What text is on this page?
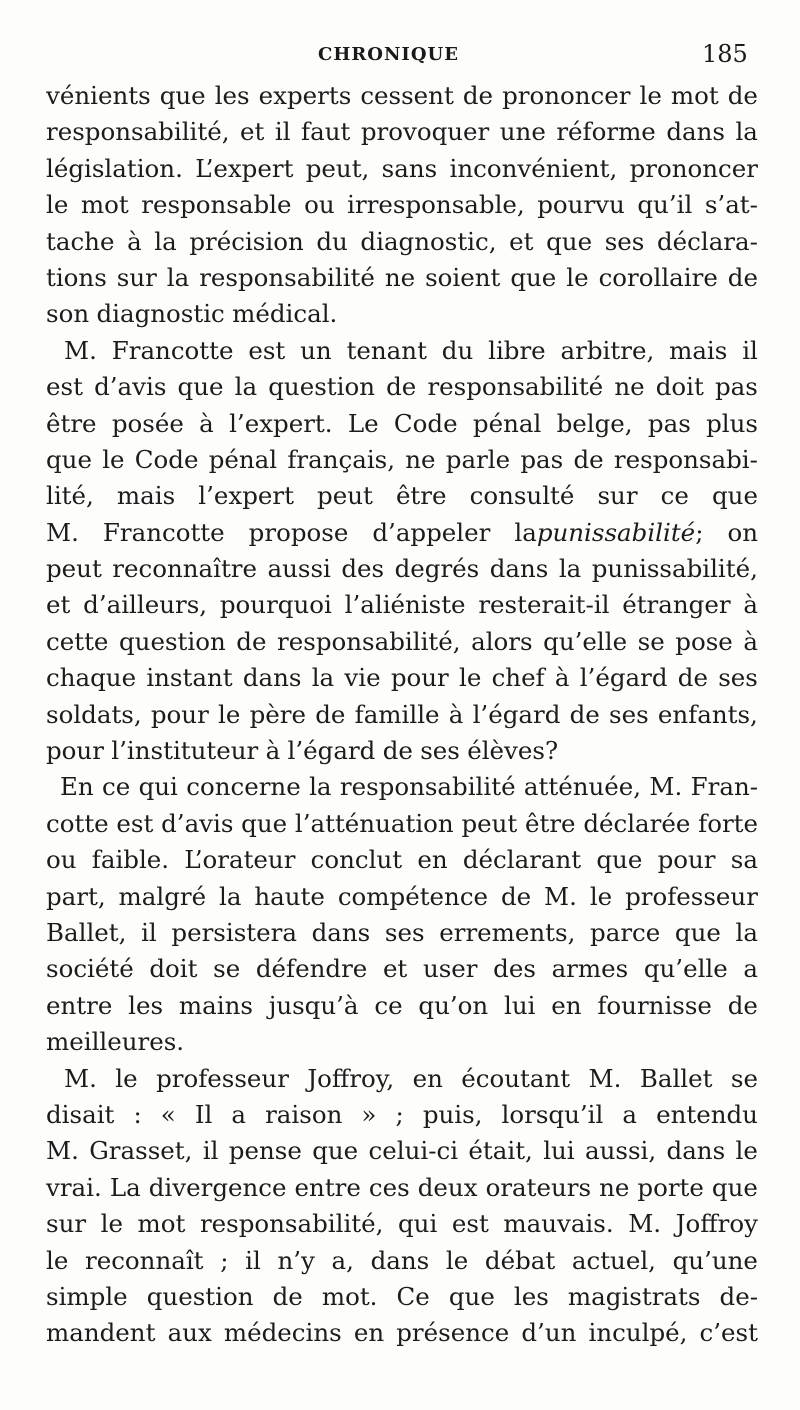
CHRONIQUE	185
vénients que les experts cessent de prononcer le mot de
responsabilité, et il faut provoquer une réforme dans la
législation. L’expert peut, sans inconvénient, prononcer
le mot responsable ou irresponsable, pourvu qu’il s’at-
tache à la précision du diagnostic, et que ses déclara-
tions sur la responsabilité ne soient que le corollaire de
son diagnostic médical.
M. Francotte est un tenant du libre arbitre, mais il
est d’avis que la question de responsabilité ne doit pas
être posée à l’expert. Le Code pénal belge, pas plus
que le Code pénal français, ne parle pas de responsabi-
lité, mais l’expert peut être consulté sur ce que
M. Francotte propose d’appeler lapunissabilité; on
peut reconnaître aussi des degrés dans la punissabilité,
et d’ailleurs, pourquoi l’aliéniste resterait-il étranger à
cette question de responsabilité, alors qu’elle se pose à
chaque instant dans la vie pour le chef à l’égard de ses
soldats, pour le père de famille à l’égard de ses enfants,
pour l’instituteur à l’égard de ses élèves?
En ce qui concerne la responsabilité atténuée, M. Fran-
cotte est d’avis que l’atténuation peut être déclarée forte
ou faible. L’orateur conclut en déclarant que pour sa
part, malgré la haute compétence de M. le professeur
Ballet, il persistera dans ses errements, parce que la
société doit se défendre et user des armes qu’elle a
entre les mains jusqu’à ce qu’on lui en fournisse de
meilleures.
M. le professeur Joffroy, en écoutant M. Ballet se
disait : « Il a raison » ; puis, lorsqu’il a entendu
M. Grasset, il pense que celui-ci était, lui aussi, dans le
vrai. La divergence entre ces deux orateurs ne porte que
sur le mot responsabilité, qui est mauvais. M. Joffroy
le reconnaît ; il n’y a, dans le débat actuel, qu’une
simple question de mot. Ce que les magistrats de-
mandent aux médecins en présence d’un inculpé, c’est
